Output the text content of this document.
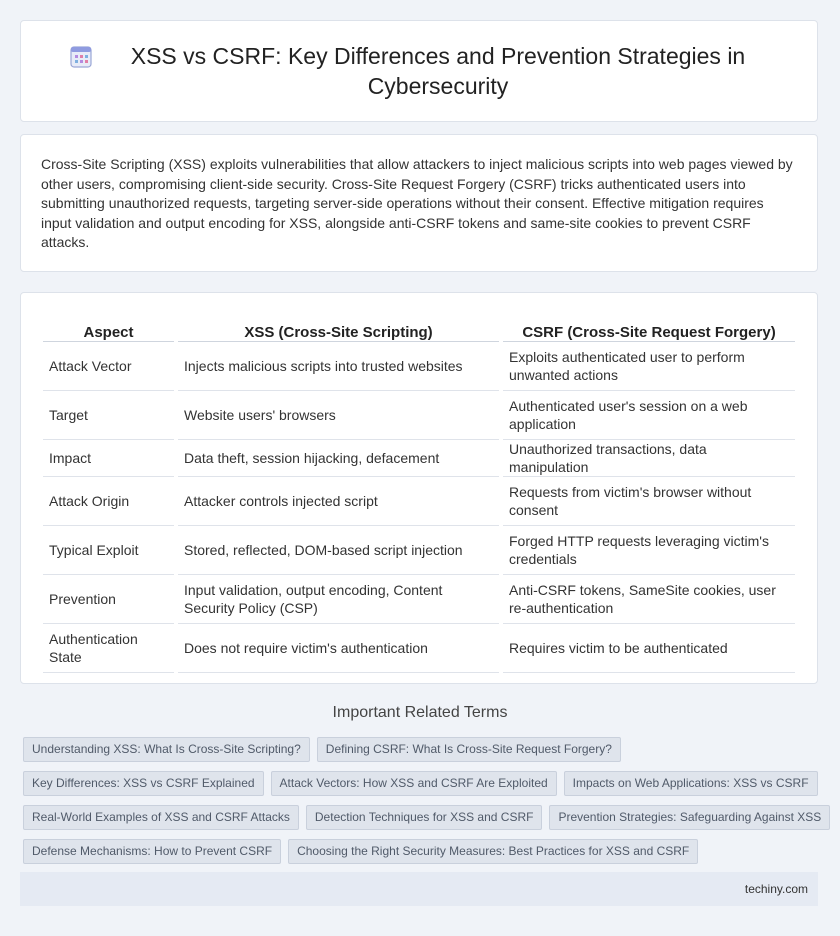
XSS vs CSRF: Key Differences and Prevention Strategies in Cybersecurity

Cross-Site Scripting (XSS) exploits vulnerabilities that allow attackers to inject malicious scripts into web pages viewed by other users, compromising client-side security. Cross-Site Request Forgery (CSRF) tricks authenticated users into submitting unauthorized requests, targeting server-side operations without their consent. Effective mitigation requires input validation and output encoding for XSS, alongside anti-CSRF tokens and same-site cookies to prevent CSRF attacks.

Aspect	XSS (Cross-Site Scripting)	CSRF (Cross-Site Request Forgery)
Attack Vector	Injects malicious scripts into trusted websites	Exploits authenticated user to perform unwanted actions
Target	Website users' browsers	Authenticated user's session on a web application
Impact	Data theft, session hijacking, defacement	Unauthorized transactions, data manipulation
Attack Origin	Attacker controls injected script	Requests from victim's browser without consent
Typical Exploit	Stored, reflected, DOM-based script injection	Forged HTTP requests leveraging victim's credentials
Prevention	Input validation, output encoding, Content Security Policy (CSP)	Anti-CSRF tokens, SameSite cookies, user re-authentication
Authentication State	Does not require victim's authentication	Requires victim to be authenticated
Important Related Terms
Understanding XSS: What Is Cross-Site Scripting?	Defining CSRF: What Is Cross-Site Request Forgery?
Key Differences: XSS vs CSRF Explained	Attack Vectors: How XSS and CSRF Are Exploited	Impacts on Web Applications: XSS vs CSRF
Real-World Examples of XSS and CSRF Attacks	Detection Techniques for XSS and CSRF	Prevention Strategies: Safeguarding Against XSS
Defense Mechanisms: How to Prevent CSRF	Choosing the Right Security Measures: Best Practices for XSS and CSRF
techiny.com
